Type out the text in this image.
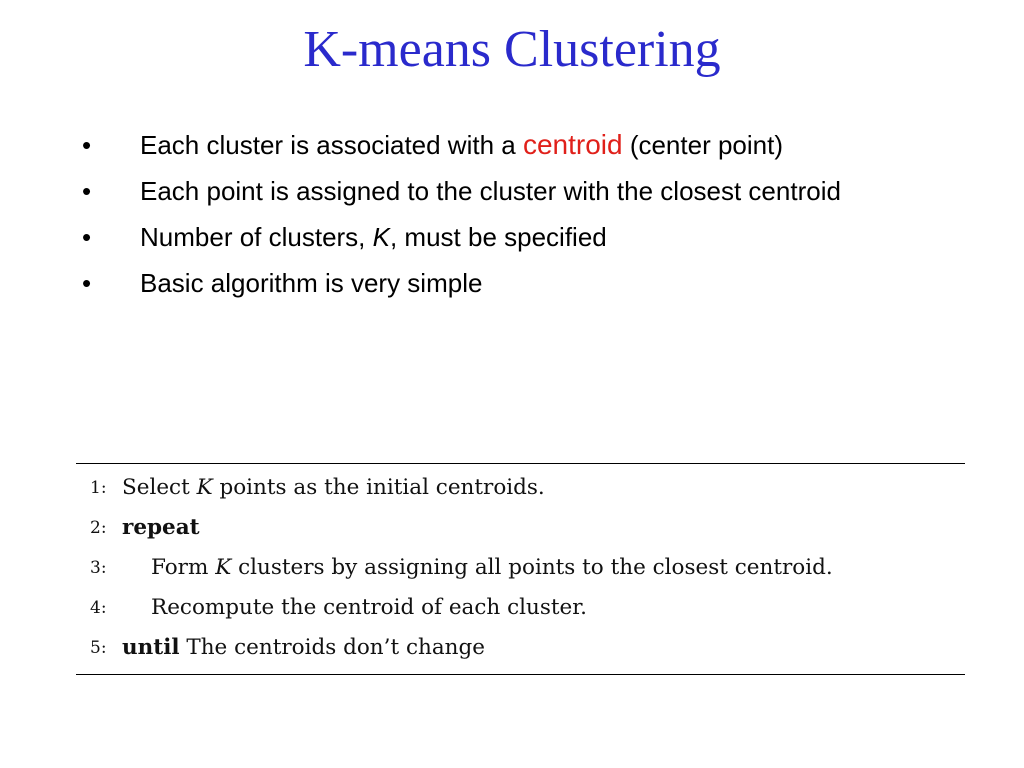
K-means Clustering
• Each cluster is associated with a centroid (center point)
• Each point is assigned to the cluster with the closest centroid
• Number of clusters, K, must be specified
• Basic algorithm is very simple
1: Select K points as the initial centroids.
2: repeat
3: Form K clusters by assigning all points to the closest centroid.
4: Recompute the centroid of each cluster.
5: until The centroids don’t change
